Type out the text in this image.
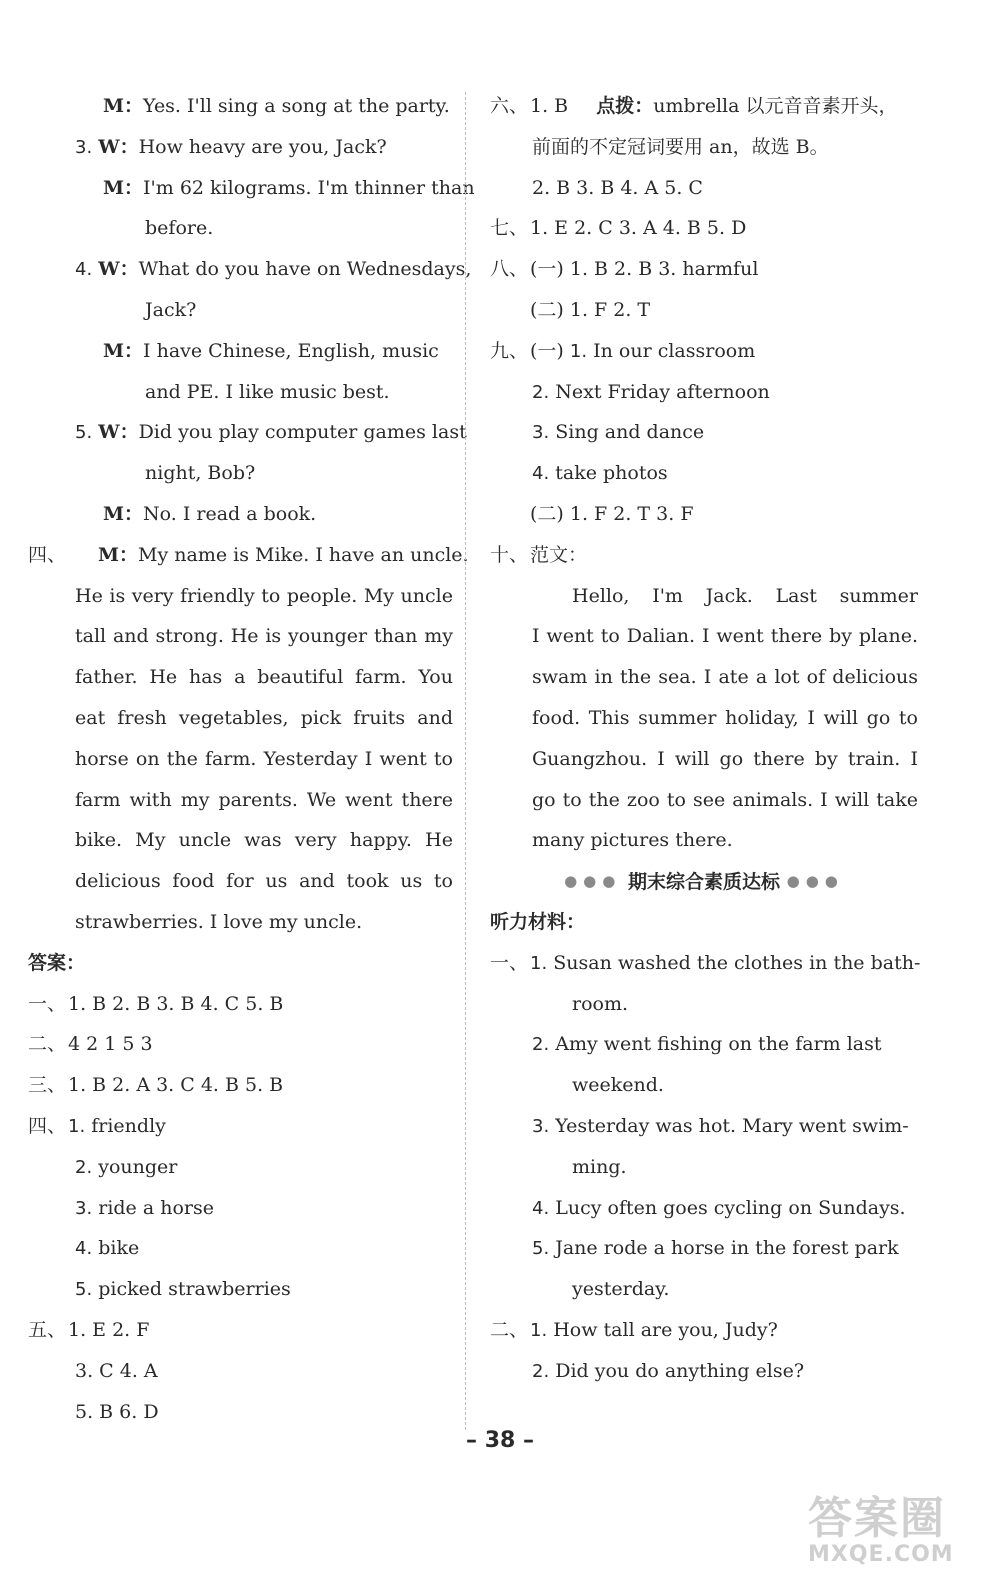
M：Yes. I'll sing a song at the party.
3. W：How heavy are you, Jack?
M：I'm 62 kilograms. I'm thinner than
before.
4. W：What do you have on Wednesdays,
Jack?
M：I have Chinese, English, music
and PE. I like music best.
5. W：Did you play computer games last
night, Bob?
M：No. I read a book.
四、 M：My name is Mike. I have an uncle.
He is very friendly to people. My uncle
tall and strong. He is younger than my
father. He has a beautiful farm. You
eat fresh vegetables, pick fruits and
horse on the farm. Yesterday I went to
farm with my parents. We went there
bike. My uncle was very happy. He
delicious food for us and took us to
strawberries. I love my uncle.
答案：
一、 1. B 2. B 3. B 4. C 5. B
二、 4 2 1 5 3
三、 1. B 2. A 3. C 4. B 5. B
四、 1. friendly
2. younger
3. ride a horse
4. bike
5. picked strawberries
五、 1. E 2. F
3. C 4. A
5. B 6. D
六、 1. B 点拨：umbrella 以元音音素开头，
前面的不定冠词要用 an，故选 B。
2. B 3. B 4. A 5. C
七、 1. E 2. C 3. A 4. B 5. D
八、 (一) 1. B 2. B 3. harmful
(二) 1. F 2. T
九、 (一) 1. In our classroom
2. Next Friday afternoon
3. Sing and dance
4. take photos
(二) 1. F 2. T 3. F
十、 范文：
Hello, I'm Jack. Last summer
I went to Dalian. I went there by plane.
swam in the sea. I ate a lot of delicious
food. This summer holiday, I will go to
Guangzhou. I will go there by train. I
go to the zoo to see animals. I will take
many pictures there.
●●● 期末综合素质达标 ●●●
听力材料：
一、 1. Susan washed the clothes in the bath-
room.
2. Amy went fishing on the farm last
weekend.
3. Yesterday was hot. Mary went swim-
ming.
4. Lucy often goes cycling on Sundays.
5. Jane rode a horse in the forest park
yesterday.
二、 1. How tall are you, Judy?
2. Did you do anything else?
– 38 –
答案圈
MXQE.COM
